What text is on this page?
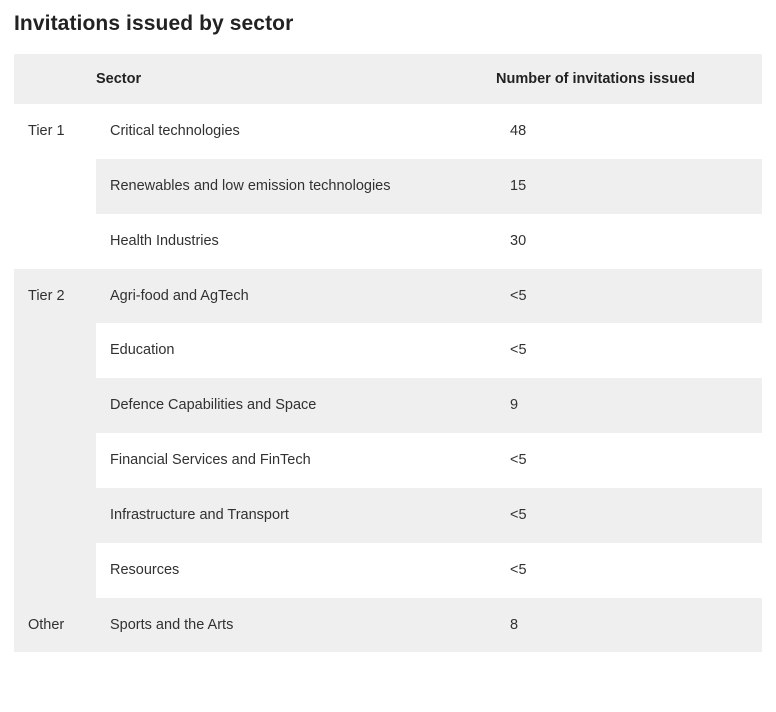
Invitations issued by sector
	Sector	Number of invitations issued
Tier 1	Critical technologies	48
	Renewables and low emission technologies	15
	Health Industries	30
Tier 2	Agri-food and AgTech	<5
	Education	<5
	Defence Capabilities and Space	9
	Financial Services and FinTech	<5
	Infrastructure and Transport	<5
	Resources	<5
Other	Sports and the Arts	8
